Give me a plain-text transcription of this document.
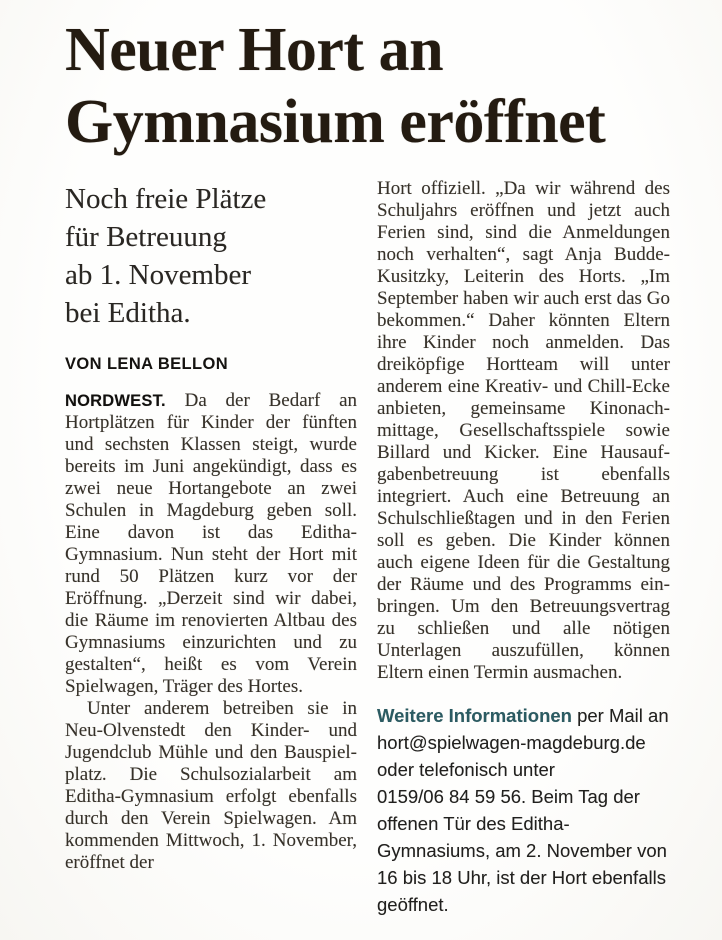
Neuer Hort an Gymnasium eröffnet

Noch freie Plätze
für Betreuung
ab 1. November
bei Editha.

VON LENA BELLON

NORDWEST. Da der Bedarf an Hortplätzen für Kinder der fünften und sechsten Klassen steigt, wurde bereits im Juni angekündigt, dass es zwei neue Hortangebote an zwei Schulen in Magdeburg geben soll. Eine davon ist das Editha-Gymnasium. Nun steht der Hort mit rund 50 Plätzen kurz vor der Eröffnung. „Derzeit sind wir dabei, die Räume im renovierten Altbau des Gymnasiums einzurichten und zu gestalten“, heißt es vom Verein Spielwagen, Träger des Hortes.

Unter anderem betreiben sie in Neu-Olvenstedt den Kinder- und Jugendclub Mühle und den Bauspielplatz. Die Schulsozialarbeit am Editha-Gymnasium erfolgt ebenfalls durch den Verein Spielwagen. Am kommenden Mittwoch, 1. November, eröffnet der

Hort offiziell. „Da wir während des Schuljahrs eröffnen und jetzt auch Ferien sind, sind die Anmeldungen noch verhalten“, sagt Anja Budde-Kusitzky, Leiterin des Horts. „Im September haben wir auch erst das Go bekommen.“ Daher könnten Eltern ihre Kinder noch anmelden. Das dreiköpfige Hortteam will unter anderem eine Kreativ- und Chill-Ecke anbieten, gemeinsame Kinonachmittage, Gesellschaftsspiele sowie Billard und Kicker. Eine Hausaufgabenbetreuung ist ebenfalls integriert. Auch eine Betreuung an Schulschließtagen und in den Ferien soll es geben. Die Kinder können auch eigene Ideen für die Gestaltung der Räume und des Programms einbringen. Um den Betreuungsvertrag zu schließen und alle nötigen Unterlagen auszufüllen, können Eltern einen Termin ausmachen.

Weitere Informationen per Mail an
hort@spielwagen-magdeburg.de
oder telefonisch unter
0159/06 84 59 56. Beim Tag der offenen Tür des Editha-Gymnasiums, am 2. November von 16 bis 18 Uhr, ist der Hort ebenfalls geöffnet.
